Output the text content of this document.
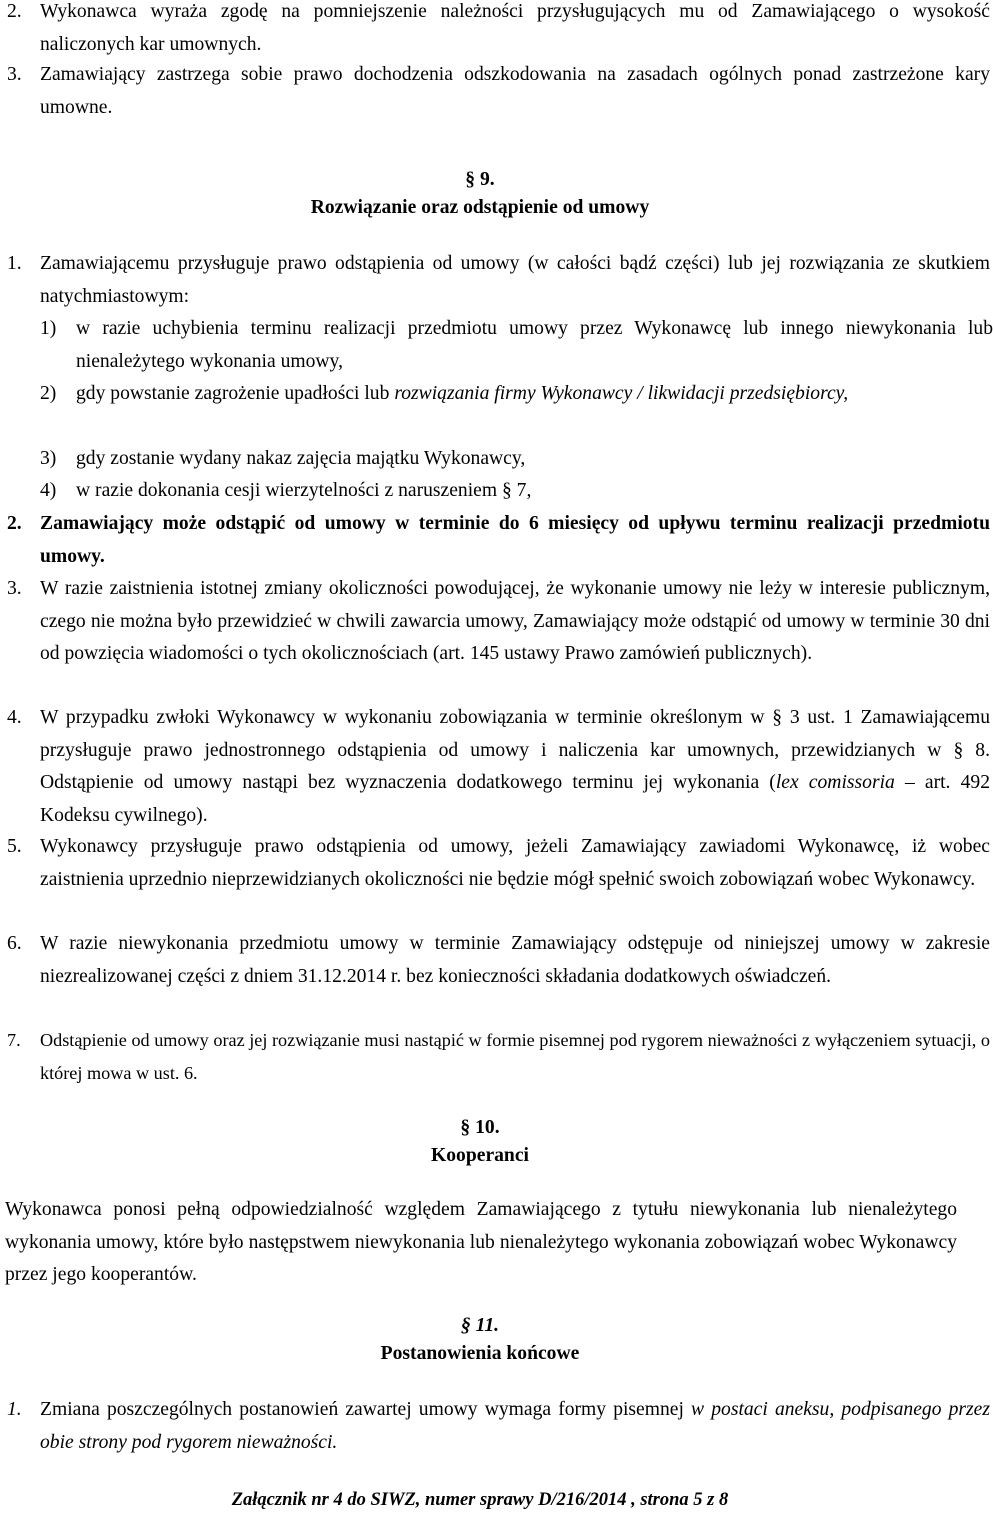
2. Wykonawca wyraża zgodę na pomniejszenie należności przysługujących mu od Zamawiającego o wysokość naliczonych kar umownych.

3. Zamawiający zastrzega sobie prawo dochodzenia odszkodowania na zasadach ogólnych ponad zastrzeżone kary umowne.

§ 9.

Rozwiązanie oraz odstąpienie od umowy

1. Zamawiającemu przysługuje prawo odstąpienia od umowy (w całości bądź części) lub jej rozwiązania ze skutkiem natychmiastowym:

1) w razie uchybienia terminu realizacji przedmiotu umowy przez Wykonawcę lub innego niewykonania lub nienależytego wykonania umowy,

2) gdy powstanie zagrożenie upadłości lub rozwiązania firmy Wykonawcy / likwidacji przedsiębiorcy,

3) gdy zostanie wydany nakaz zajęcia majątku Wykonawcy,

4) w razie dokonania cesji wierzytelności z naruszeniem § 7,

2. Zamawiający może odstąpić od umowy w terminie do 6 miesięcy od upływu terminu realizacji przedmiotu umowy.

3. W razie zaistnienia istotnej zmiany okoliczności powodującej, że wykonanie umowy nie leży w interesie publicznym, czego nie można było przewidzieć w chwili zawarcia umowy, Zamawiający może odstąpić od umowy w terminie 30 dni od powzięcia wiadomości o tych okolicznościach (art. 145 ustawy Prawo zamówień publicznych).

4. W przypadku zwłoki Wykonawcy w wykonaniu zobowiązania w terminie określonym w § 3 ust. 1 Zamawiającemu przysługuje prawo jednostronnego odstąpienia od umowy i naliczenia kar umownych, przewidzianych w § 8. Odstąpienie od umowy nastąpi bez wyznaczenia dodatkowego terminu jej wykonania (lex comissoria – art. 492 Kodeksu cywilnego).

5. Wykonawcy przysługuje prawo odstąpienia od umowy, jeżeli Zamawiający zawiadomi Wykonawcę, iż wobec zaistnienia uprzednio nieprzewidzianych okoliczności nie będzie mógł spełnić swoich zobowiązań wobec Wykonawcy.

6. W razie niewykonania przedmiotu umowy w terminie Zamawiający odstępuje od niniejszej umowy w zakresie niezrealizowanej części z dniem 31.12.2014 r. bez konieczności składania dodatkowych oświadczeń.

7. Odstąpienie od umowy oraz jej rozwiązanie musi nastąpić w formie pisemnej pod rygorem nieważności z wyłączeniem sytuacji, o której mowa w ust. 6.

§ 10.

Kooperanci

Wykonawca ponosi pełną odpowiedzialność względem Zamawiającego z tytułu niewykonania lub nienależytego wykonania umowy, które było następstwem niewykonania lub nienależytego wykonania zobowiązań wobec Wykonawcy przez jego kooperantów.

§ 11.

Postanowienia końcowe

1. Zmiana poszczególnych postanowień zawartej umowy wymaga formy pisemnej w postaci aneksu, podpisanego przez obie strony pod rygorem nieważności.

Załącznik nr 4 do SIWZ, numer sprawy D/216/2014 , strona 5 z 8
